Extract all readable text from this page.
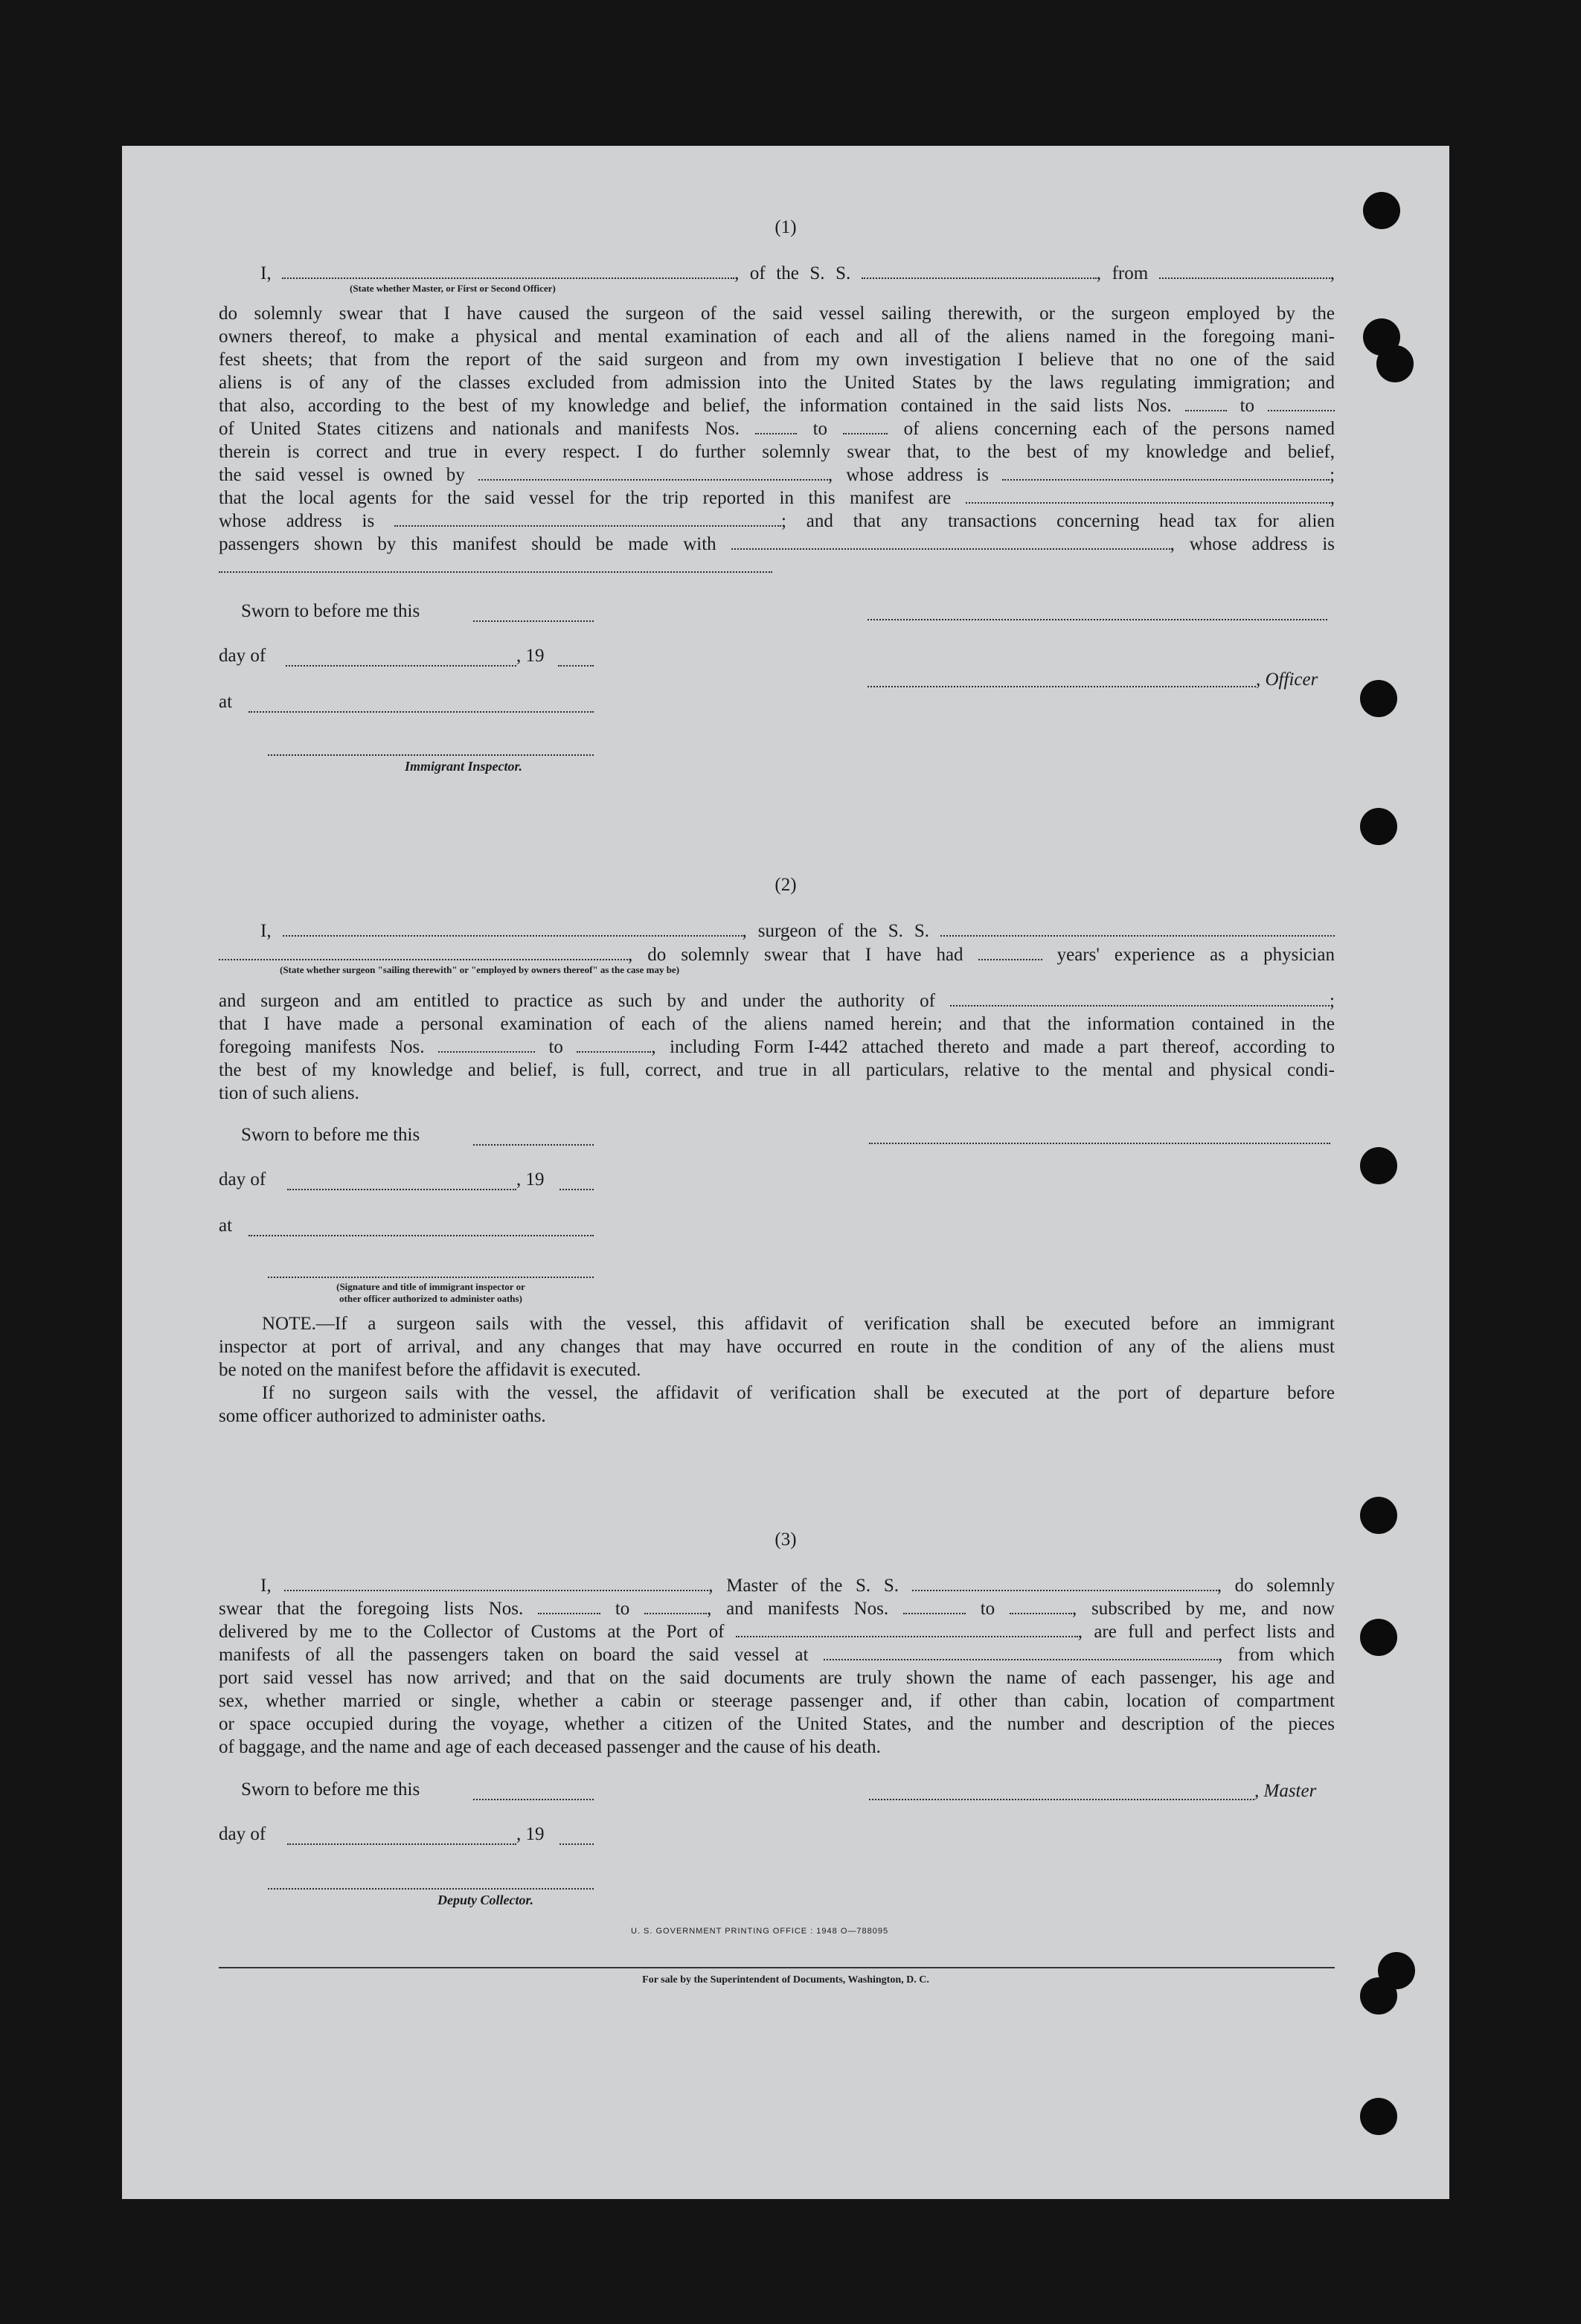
(1)
I,	, of the S. S.	, from	,
(State whether Master, or First or Second Officer)
do solemnly swear that I have caused the surgeon of the said vessel sailing therewith, or the surgeon employed by the
owners thereof, to make a physical and mental examination of each and all of the aliens named in the foregoing mani-
fest sheets; that from the report of the said surgeon and from my own investigation I believe that no one of the said
aliens is of any of the classes excluded from admission into the United States by the laws regulating immigration; and
that also, according to the best of my knowledge and belief, the information contained in the said lists Nos.  to
of United States citizens and nationals and manifests Nos.  to  of aliens concerning each of the persons named
therein is correct and true in every respect. I do further solemnly swear that, to the best of my knowledge and belief,
the said vessel is owned by	, whose address is	;
that the local agents for the said vessel for the trip reported in this manifest are	,
whose address is	; and that any transactions concerning head tax for alien
passengers shown by this manifest should be made with	, whose address is
Sworn to before me this
day of	, 19
, Officer
at
Immigrant Inspector.
(2)
I,	, surgeon of the S. S.
, do solemnly swear that I have had	years' experience as a physician
(State whether surgeon "sailing therewith" or "employed by owners thereof" as the case may be)
and surgeon and am entitled to practice as such by and under the authority of	;
that I have made a personal examination of each of the aliens named herein; and that the information contained in the
foregoing manifests Nos.	to	, including Form I-442 attached thereto and made a part thereof, according to
the best of my knowledge and belief, is full, correct, and true in all particulars, relative to the mental and physical condi-
tion of such aliens.
Sworn to before me this
day of	, 19
at
(Signature and title of immigrant inspector or
other officer authorized to administer oaths)
NOTE.—If a surgeon sails with the vessel, this affidavit of verification shall be executed before an immigrant
inspector at port of arrival, and any changes that may have occurred en route in the condition of any of the aliens must
be noted on the manifest before the affidavit is executed.
If no surgeon sails with the vessel, the affidavit of verification shall be executed at the port of departure before
some officer authorized to administer oaths.
(3)
I,	, Master of the S. S.	, do solemnly
swear that the foregoing lists Nos.	to	, and manifests Nos.	to	, subscribed by me, and now
delivered by me to the Collector of Customs at the Port of	, are full and perfect lists and
manifests of all the passengers taken on board the said vessel at	, from which
port said vessel has now arrived; and that on the said documents are truly shown the name of each passenger, his age and
sex, whether married or single, whether a cabin or steerage passenger and, if other than cabin, location of compartment
or space occupied during the voyage, whether a citizen of the United States, and the number and description of the pieces
of baggage, and the name and age of each deceased passenger and the cause of his death.
Sworn to before me this	, Master
day of	, 19
Deputy Collector.
U. S. GOVERNMENT PRINTING OFFICE : 1948 O—788095
For sale by the Superintendent of Documents, Washington, D. C.
